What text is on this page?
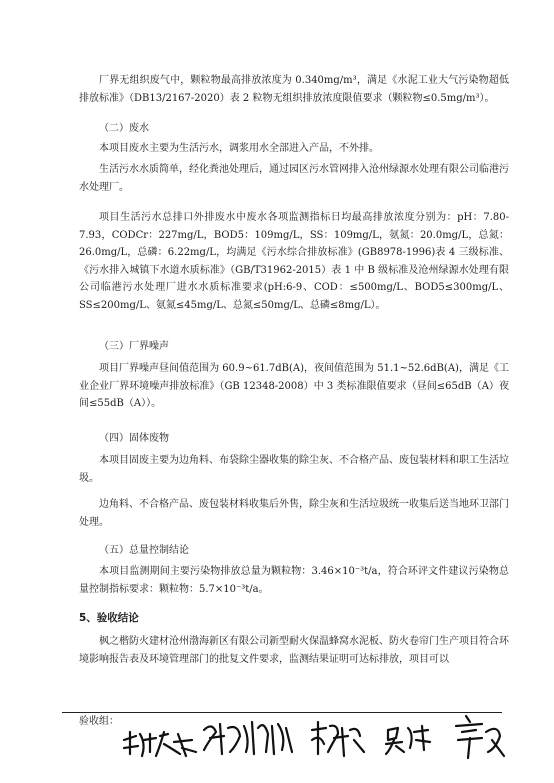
厂界无组织废气中，颗粒物最高排放浓度为 0.340mg/m³，满足《水泥工业大气污染物超低排放标准》（DB13/2167-2020）表 2 粒物无组织排放浓度限值要求（颗粒物≤0.5mg/m³）。

（二）废水

本项目废水主要为生活污水，调浆用水全部进入产品，不外排。

生活污水水质简单，经化粪池处理后，通过园区污水管网排入沧州绿源水处理有限公司临港污水处理厂。

项目生活污水总排口外排废水中废水各项监测指标日均最高排放浓度分别为：pH：7.80-7.93，CODCr：227mg/L，BOD5：109mg/L，SS：109mg/L，氨氮：20.0mg/L，总氮：26.0mg/L，总磷：6.22mg/L，均满足《污水综合排放标准》(GB8978-1996)表 4 三级标准、《污水排入城镇下水道水质标准》（GB/T31962-2015）表 1 中 B 级标准及沧州绿源水处理有限公司临港污水处理厂进水水质标准要求(pH:6-9、COD：≤500mg/L、BOD5≤300mg/L、SS≤200mg/L、氨氮≤45mg/L、总氮≤50mg/L、总磷≤8mg/L）。

（三）厂界噪声

项目厂界噪声昼间值范围为 60.9~61.7dB(A)，夜间值范围为 51.1~52.6dB(A)，满足《工业企业厂界环境噪声排放标准》（GB 12348-2008）中 3 类标准限值要求（昼间≤65dB（A）夜间≤55dB（A））。

（四）固体废物

本项目固废主要为边角料、布袋除尘器收集的除尘灰、不合格产品、废包装材料和职工生活垃圾。

边角料、不合格产品、废包装材料收集后外售，除尘灰和生活垃圾统一收集后送当地环卫部门处理。

（五）总量控制结论

本项目监测期间主要污染物排放总量为颗粒物：3.46×10⁻³t/a，符合环评文件建议污染物总量控制指标要求：颗粒物：5.7×10⁻³t/a。

5、验收结论

枫之楷防火建材沧州渤海新区有限公司新型耐火保温蜂窝水泥板、防火卷帘门生产项目符合环境影响报告表及环境管理部门的批复文件要求，监测结果证明可达标排放，项目可以

验收组：
